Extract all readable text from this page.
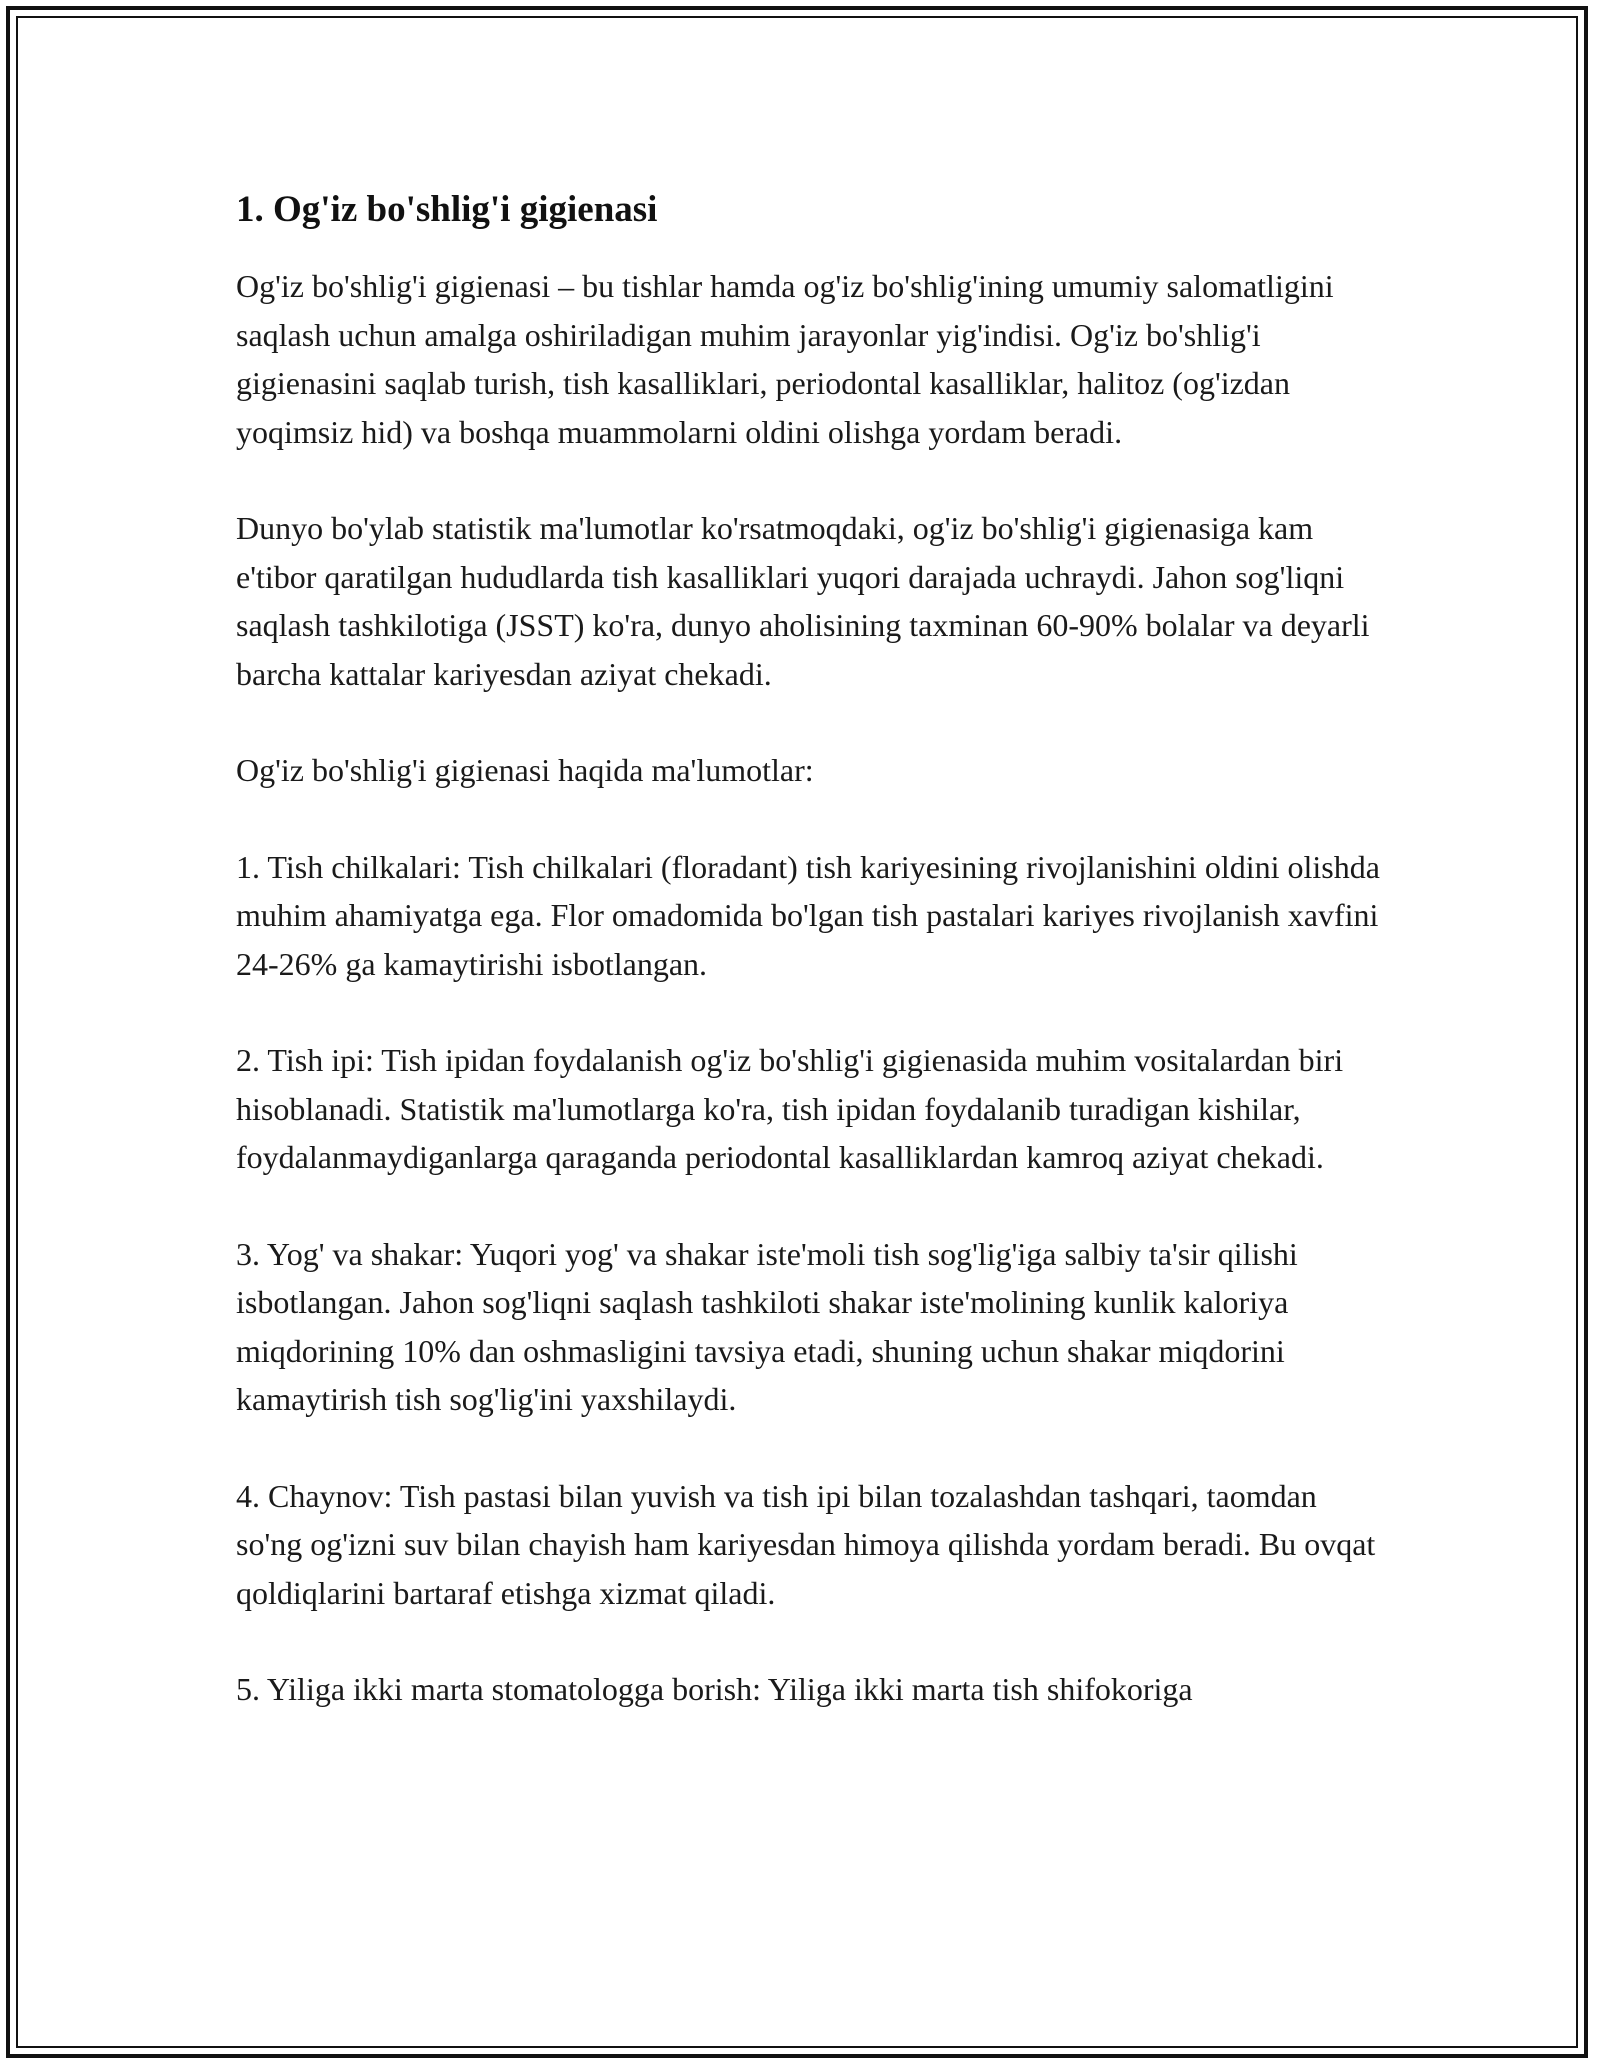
1. Og'iz bo'shlig'i gigienasi

Og'iz bo'shlig'i gigienasi – bu tishlar hamda og'iz bo'shlig'ining umumiy salomatligini saqlash uchun amalga oshiriladigan muhim jarayonlar yig'indisi. Og'iz bo'shlig'i gigienasini saqlab turish, tish kasalliklari, periodontal kasalliklar, halitoz (og'izdan yoqimsiz hid) va boshqa muammolarni oldini olishga yordam beradi.

Dunyo bo'ylab statistik ma'lumotlar ko'rsatmoqdaki, og'iz bo'shlig'i gigienasiga kam e'tibor qaratilgan hududlarda tish kasalliklari yuqori darajada uchraydi. Jahon sog'liqni saqlash tashkilotiga (JSST) ko'ra, dunyo aholisining taxminan 60-90% bolalar va deyarli barcha kattalar kariyesdan aziyat chekadi.

Og'iz bo'shlig'i gigienasi haqida ma'lumotlar:

1. Tish chilkalari: Tish chilkalari (floradant) tish kariyesining rivojlanishini oldini olishda muhim ahamiyatga ega. Flor omadomida bo'lgan tish pastalari kariyes rivojlanish xavfini 24-26% ga kamaytirishi isbotlangan.

2. Tish ipi: Tish ipidan foydalanish og'iz bo'shlig'i gigienasida muhim vositalardan biri hisoblanadi. Statistik ma'lumotlarga ko'ra, tish ipidan foydalanib turadigan kishilar, foydalanmaydiganlarga qaraganda periodontal kasalliklardan kamroq aziyat chekadi.

3. Yog' va shakar: Yuqori yog' va shakar iste'moli tish sog'lig'iga salbiy ta'sir qilishi isbotlangan. Jahon sog'liqni saqlash tashkiloti shakar iste'molining kunlik kaloriya miqdorining 10% dan oshmasligini tavsiya etadi, shuning uchun shakar miqdorini kamaytirish tish sog'lig'ini yaxshilaydi.

4. Chaynov: Tish pastasi bilan yuvish va tish ipi bilan tozalashdan tashqari, taomdan so'ng og'izni suv bilan chayish ham kariyesdan himoya qilishda yordam beradi. Bu ovqat qoldiqlarini bartaraf etishga xizmat qiladi.

5. Yiliga ikki marta stomatologga borish: Yiliga ikki marta tish shifokoriga
